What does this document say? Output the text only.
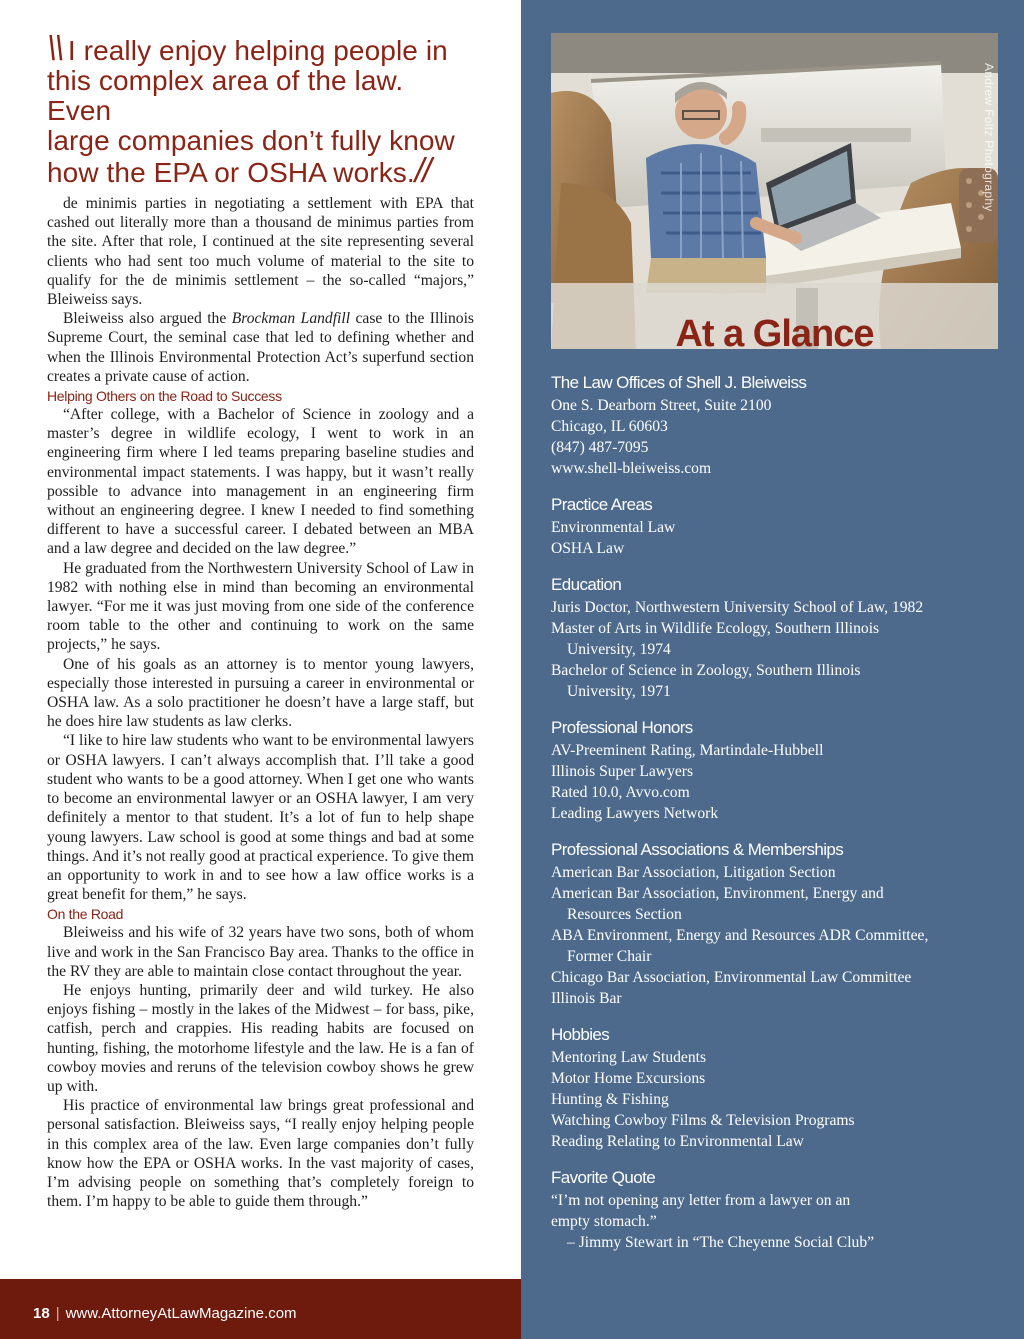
\\ I really enjoy helping people in
this complex area of the law. Even
large companies don’t fully know
how the EPA or OSHA works.//

de minimis parties in negotiating a settlement with EPA that cashed out literally more than a thousand de minimus parties from the site. After that role, I continued at the site representing several clients who had sent too much volume of material to the site to qualify for the de minimis settlement – the so-called “majors,” Bleiweiss says.

Bleiweiss also argued the Brockman Landfill case to the Illinois Supreme Court, the seminal case that led to defining whether and when the Illinois Environmental Protection Act’s superfund section creates a private cause of action.

Helping Others on the Road to Success

“After college, with a Bachelor of Science in zoology and a master’s degree in wildlife ecology, I went to work in an engineering firm where I led teams preparing baseline studies and environmental impact statements. I was happy, but it wasn’t really possible to advance into management in an engineering firm without an engineering degree. I knew I needed to find something different to have a successful career. I debated between an MBA and a law degree and decided on the law degree.”

He graduated from the Northwestern University School of Law in 1982 with nothing else in mind than becoming an environmental lawyer. “For me it was just moving from one side of the conference room table to the other and continuing to work on the same projects,” he says.

One of his goals as an attorney is to mentor young lawyers, especially those interested in pursuing a career in environmental or OSHA law. As a solo practitioner he doesn’t have a large staff, but he does hire law students as law clerks.

“I like to hire law students who want to be environmental lawyers or OSHA lawyers. I can’t always accomplish that. I’ll take a good student who wants to be a good attorney. When I get one who wants to become an environmental lawyer or an OSHA lawyer, I am very definitely a mentor to that student. It’s a lot of fun to help shape young lawyers. Law school is good at some things and bad at some things. And it’s not really good at practical experience. To give them an opportunity to work in and to see how a law office works is a great benefit for them,” he says.

On the Road

Bleiweiss and his wife of 32 years have two sons, both of whom live and work in the San Francisco Bay area. Thanks to the office in the RV they are able to maintain close contact throughout the year.

He enjoys hunting, primarily deer and wild turkey. He also enjoys fishing – mostly in the lakes of the Midwest – for bass, pike, catfish, perch and crappies. His reading habits are focused on hunting, fishing, the motorhome lifestyle and the law. He is a fan of cowboy movies and reruns of the television cowboy shows he grew up with.

His practice of environmental law brings great professional and personal satisfaction. Bleiweiss says, “I really enjoy helping people in this complex area of the law. Even large companies don’t fully know how the EPA or OSHA works. In the vast majority of cases, I’m advising people on something that’s completely foreign to them. I’m happy to be able to guide them through.”

18 | www.AttorneyAtLawMagazine.com
Andrew Foltz Photography
At a Glance
The Law Offices of Shell J. Bleiweiss
One S. Dearborn Street, Suite 2100
Chicago, IL 60603
(847) 487-7095
www.shell-bleiweiss.com
Practice Areas
Environmental Law
OSHA Law
Education
Juris Doctor, Northwestern University School of Law, 1982
Master of Arts in Wildlife Ecology, Southern Illinois
University, 1974
Bachelor of Science in Zoology, Southern Illinois
University, 1971
Professional Honors
AV-Preeminent Rating, Martindale-Hubbell
Illinois Super Lawyers
Rated 10.0, Avvo.com
Leading Lawyers Network
Professional Associations & Memberships
American Bar Association, Litigation Section
American Bar Association, Environment, Energy and
Resources Section
ABA Environment, Energy and Resources ADR Committee,
Former Chair
Chicago Bar Association, Environmental Law Committee
Illinois Bar
Hobbies
Mentoring Law Students
Motor Home Excursions
Hunting & Fishing
Watching Cowboy Films & Television Programs
Reading Relating to Environmental Law
Favorite Quote
“I’m not opening any letter from a lawyer on an
empty stomach.”
– Jimmy Stewart in “The Cheyenne Social Club”
